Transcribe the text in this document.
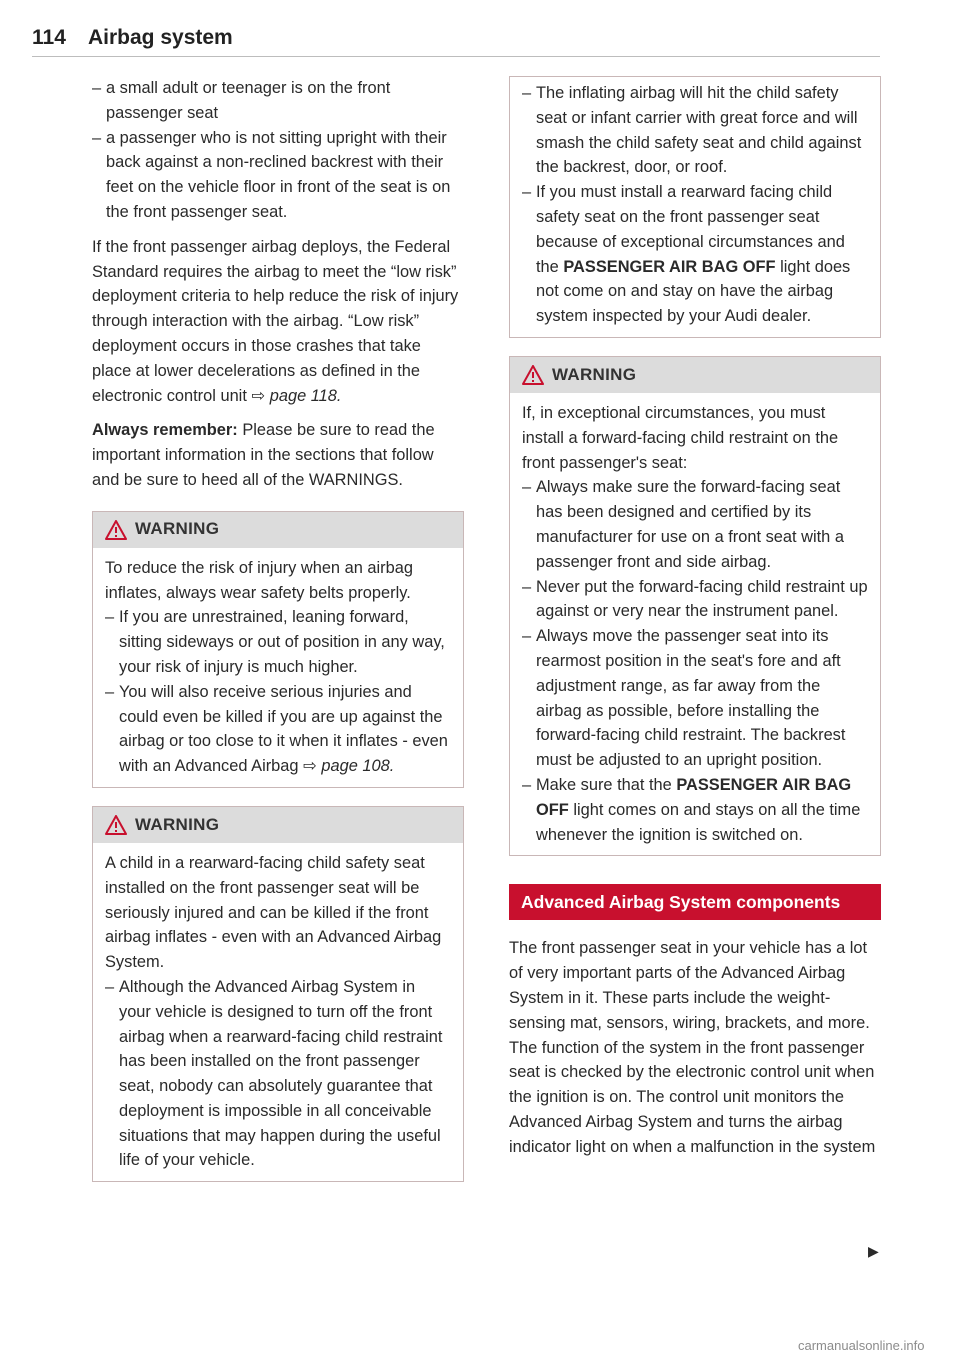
114 Airbag system

– a small adult or teenager is on the front passenger seat

– a passenger who is not sitting upright with their back against a non-reclined backrest with their feet on the vehicle floor in front of the seat is on the front passenger seat.

If the front passenger airbag deploys, the Federal Standard requires the airbag to meet the “low risk” deployment criteria to help reduce the risk of injury through interaction with the airbag. “Low risk” deployment occurs in those crashes that take place at lower decelerations as defined in the electronic control unit ⇨ page 118.

Always remember: Please be sure to read the important information in the sections that follow and be sure to heed all of the WARNINGS.

WARNING

To reduce the risk of injury when an airbag inflates, always wear safety belts properly.

– If you are unrestrained, leaning forward, sitting sideways or out of position in any way, your risk of injury is much higher.

– You will also receive serious injuries and could even be killed if you are up against the airbag or too close to it when it inflates - even with an Advanced Airbag ⇨ page 108.

WARNING

A child in a rearward-facing child safety seat installed on the front passenger seat will be seriously injured and can be killed if the front airbag inflates - even with an Advanced Airbag System.

– Although the Advanced Airbag System in your vehicle is designed to turn off the front airbag when a rearward-facing child restraint has been installed on the front passenger seat, nobody can absolutely guarantee that deployment is impossible in all conceivable situations that may happen during the useful life of your vehicle.

– The inflating airbag will hit the child safety seat or infant carrier with great force and will smash the child safety seat and child against the backrest, door, or roof.

– If you must install a rearward facing child safety seat on the front passenger seat because of exceptional circumstances and the PASSENGER AIR BAG OFF light does not come on and stay on have the airbag system inspected by your Audi dealer.

WARNING

If, in exceptional circumstances, you must install a forward-facing child restraint on the front passenger's seat:

– Always make sure the forward-facing seat has been designed and certified by its manufacturer for use on a front seat with a passenger front and side airbag.

– Never put the forward-facing child restraint up against or very near the instrument panel.

– Always move the passenger seat into its rearmost position in the seat's fore and aft adjustment range, as far away from the airbag as possible, before installing the forward-facing child restraint. The backrest must be adjusted to an upright position.

– Make sure that the PASSENGER AIR BAG OFF light comes on and stays on all the time whenever the ignition is switched on.

Advanced Airbag System components

The front passenger seat in your vehicle has a lot of very important parts of the Advanced Airbag System in it. These parts include the weight-sensing mat, sensors, wiring, brackets, and more. The function of the system in the front passenger seat is checked by the electronic control unit when the ignition is on. The control unit monitors the Advanced Airbag System and turns the airbag indicator light on when a malfunction in the system

▶
carmanualsonline.info
